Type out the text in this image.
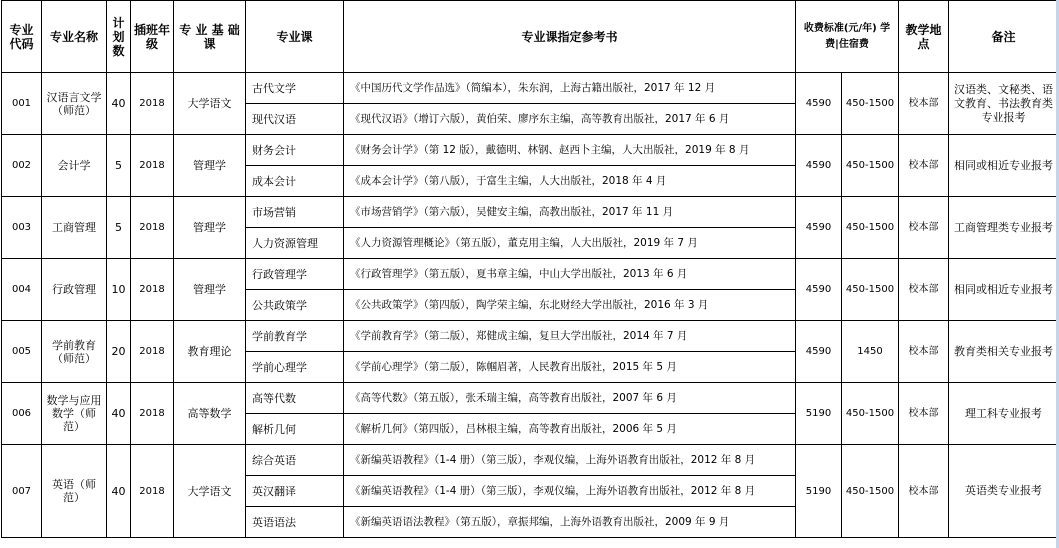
专业代码	专业名称	计划数	插班年级	专 业 基 础课	专业课	专业课指定参考书	收费标准(元/年) 学费|住宿费		教学地点	备注
001	汉语言文学（师范）	40	2018	大学语文	古代文学	《中国历代文学作品选》（简编本），朱东润，上海古籍出版社，2017 年 12 月	4590	450-1500	校本部	汉语类、文秘类、语文教育、书法教育类专业报考
					现代汉语	《现代汉语》（增订六版），黄伯荣、廖序东主编，高等教育出版社，2017 年 6 月				
002	会计学	5	2018	管理学	财务会计	《财务会计学》（第 12 版），戴德明、林钢、赵西卜主编，人大出版社，2019 年 8 月	4590	450-1500	校本部	相同或相近专业报考
					成本会计	《成本会计学》（第八版），于富生主编，人大出版社，2018 年 4 月				
003	工商管理	5	2018	管理学	市场营销	《市场营销学》（第六版），吴健安主编，高教出版社，2017 年 11 月	4590	450-1500	校本部	工商管理类专业报考
					人力资源管理	《人力资源管理概论》（第五版），董克用主编，人大出版社，2019 年 7 月				
004	行政管理	10	2018	管理学	行政管理学	《行政管理学》（第五版），夏书章主编，中山大学出版社，2013 年 6 月	4590	450-1500	校本部	相同或相近专业报考
					公共政策学	《公共政策学》（第四版），陶学荣主编，东北财经大学出版社，2016 年 3 月				
005	学前教育（师范）	20	2018	教育理论	学前教育学	《学前教育学》（第二版），郑健成主编，复旦大学出版社，2014 年 7 月	4590	1450	校本部	教育类相关专业报考
					学前心理学	《学前心理学》（第二版），陈帼眉著，人民教育出版社，2015 年 5 月				
006	数学与应用数学（师范）	40	2018	高等数学	高等代数	《高等代数》（第五版），张禾瑞主编，高等教育出版社，2007 年 6 月	5190	450-1500	校本部	理工科专业报考
					解析几何	《解析几何》（第四版），吕林根主编，高等教育出版社，2006 年 5 月				
007	英语（师范）	40	2018	大学语文	综合英语	《新编英语教程》（1-4 册）（第三版），李观仪编，上海外语教育出版社，2012 年 8 月	5190	450-1500	校本部	英语类专业报考
					英汉翻译	《新编英语教程》（1-4 册）（第三版），李观仪编，上海外语教育出版社，2012 年 8 月				
					英语语法	《新编英语语法教程》（第五版），章振邦编，上海外语教育出版社，2009 年 9 月				
